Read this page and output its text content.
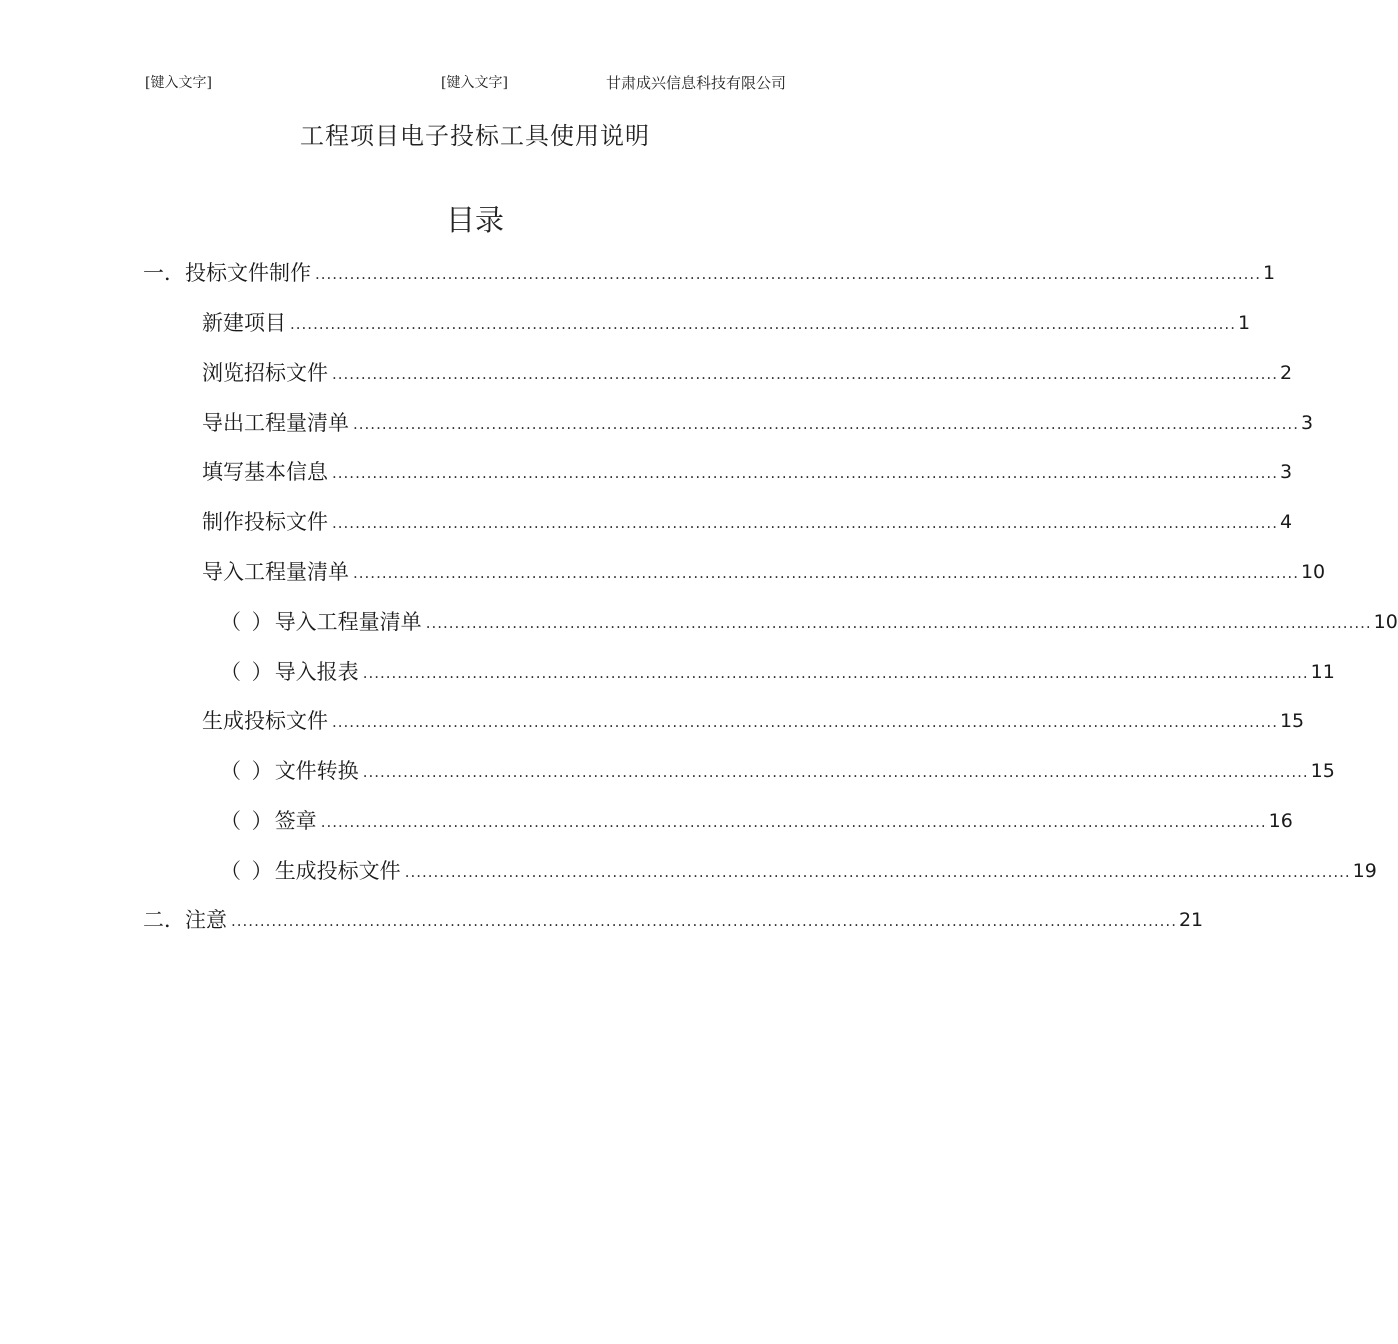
[键入文字]	[键入文字]	甘肃成兴信息科技有限公司
工程项目电子投标工具使用说明
目录
一． 投标文件制作 .................................................................................................................................................................... 1
新建项目 .................................................................................................................................................................... 1
浏览招标文件 .................................................................................................................................................................... 2
导出工程量清单 .................................................................................................................................................................... 3
填写基本信息 .................................................................................................................................................................... 3
制作投标文件 .................................................................................................................................................................... 4
导入工程量清单 .................................................................................................................................................................... 10
（ ） 导入工程量清单 .................................................................................................................................................................... 10
（ ） 导入报表 .................................................................................................................................................................... 11
生成投标文件 .................................................................................................................................................................... 15
（ ） 文件转换 .................................................................................................................................................................... 15
（ ） 签章 .................................................................................................................................................................... 16
（ ） 生成投标文件 .................................................................................................................................................................... 19
二． 注意 .................................................................................................................................................................... 21
